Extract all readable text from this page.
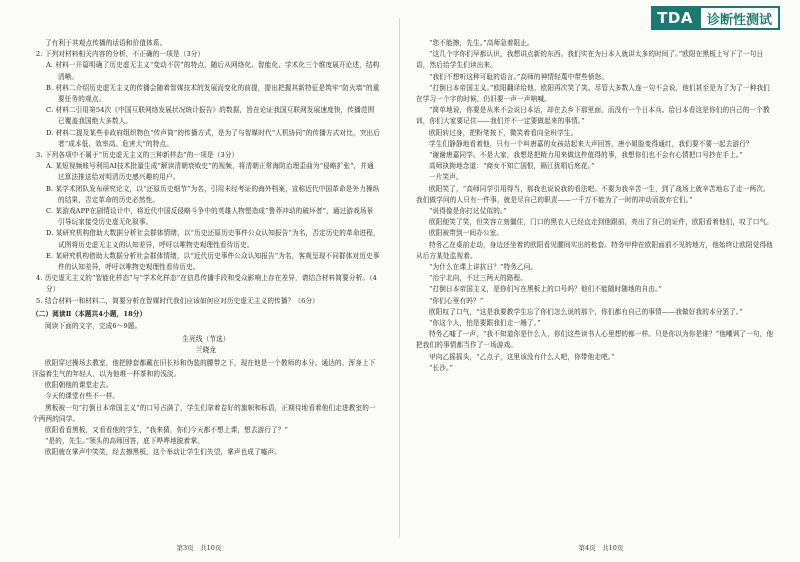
了有利于其观点传播的话语和价值体系。

2. 下列对材料相关内容的分析，不正确的一项是（3分）

A. 材料一开篇明确了历史虚无主义“变动不居”的特点，随后从网络化、智能化、学术化三个维度展开论述，结构清晰。

B. 材料二介绍历史虚无主义的传播会随着智媒技术的发展而变化的前提，提出把握其新特征是筑牢“防火墙”的重要任务的观点。

C. 材料二引用第54次《中国互联网络发展状况统计报告》的数据，旨在论证我国互联网发展速度快，传播范围已覆盖我国绝大多数人。

D. 材料二提及某些非政府组织物色“传声筒”的传播方式，是为了与智媒时代“人机协同”的传播方式对比，突出后者“成本低、效率高、危害大”的特点。

3. 下列各项中不属于“历史虚无主义的三种新样态”的一项是（3分）

A. 某短视频账号利用AI技术批量生成“解读清朝衰败史”的视频，将清朝正常海防治理歪曲为“侵略扩张”，并通过算法推送给对明清历史感兴趣的用户。

B. 某学术团队发布研究论文，以“还原历史细节”为名，引用未经考证的海外档案，宣称近代中国革命是外力操纵的结果，否定革命的历史必然性。

C. 某游戏APP在剧情设计中，将近代中国反侵略斗争中的英雄人物塑造成“鲁莽冲动的破坏者”，通过游戏场景引导玩家接受历史虚无化叙事。

D. 某研究机构借助大数据分析社会群体情绪，以“历史还原历史事件公众认知报告”为名，否定历史的革命进程，试图将历史虚无主义的认知差异，呼吁以唯物史观理性看待历史。

E. 某研究机构借助大数据分析社会群体情绪，以“近代历史事件公众认知报告”为名，客观呈现不同群体对历史事件的认知差异，呼吁以唯物史观理性看待历史。

4. 历史虚无主义的“智能化样态”与“学术化样态”在信息传播手段和受众影响上存在差异，请结合材料简要分析。（4分）

5. 结合材料一和材料二，简要分析在智媒时代我们应该如何应对历史虚无主义的传播？（6分）

（二）阅读Ⅱ（本题共4小题，18分）

阅读下面的文字，完成6～9题。

生死线（节选）

兰晓龙

欧阳穿过操场去教室，他把脖套都戴在旧长衫和伪装的腰带之下，现在他是一个教师的本分。通达的、浑身上下洋溢着生气的年轻人，以为他堆一杯茶和的浅淡。

欧阳朝他的课堂走去。

今天的课堂有些不一样。

黑板被一句“打倒日本帝国主义”的口号占满了，学生们拿着卷好的旗帜和标语，正期待地看着他们走进教室的一个两两的同学。

欧阳看看黑板，又看看他的学生，“我来猜，你们今天都不想上课，想去游行了？”

“是的，先生。”领头的高师回答，底下哗哗地脱着掌。

欧阳就在掌声中笑笑，经去擦黑板，这个举动让学生们失望，掌声也成了嘘声。

第3页　共10页
TDA	诊断性测试

“您不能擦，先生。”高师急着阻止。

“这几个字你们早都认识，我想讲点新的东西。我们实在为日本人就讲太多的时间了。”欧阳在黑板上写下了一句日语，然后给学生们读出来。

“我们不想听这种可耻的语言。”高师的神情轻蔑中带些愤怒。

“打倒日本帝国主义。”欧阳翻译给他，欧阳再次笑了笑。尽管大多数人连一句不会说，他们甚至是为了为了一种我们在学习一个字的时候，仍旧要一声一声呐喊。

“简单地说，你要是从来不会说日本话，却在去乡下那里面，而没有一个日本兵。给日本看这是你们的自己的一个教训，你们大家要记住——我们并不一定要做起来的事情。”

欧阳转过身，把粉笔按下，微笑着看向全班学生。

学生们静静地看着他，只有一个叫唐嘉的女孩站起来大声回答，唐小姐脸变得通红，我们要不要一起去游行？

“谢谢唐嘉同学。不是大家，我想是把精力用来做这件值得的事，我想你们也不会有心情把口号抄在手上。”

高师执拗地念道：“商女不知亡国恨，隔江犹唱后庭花。”

一片笑声。

欧阳笑了，“高师同学引用得当，那我也说说我的看法吧。不要为我辛苦一生，到了战场上就辛苦地忘了走一两次。我们做学问的人只有一件事，就是尽自己的职责——一千万不能为了一时的冲动而放弃它们。”

“说得像是你打过仗似的。”

欧阳便笑了笑，但笑容立刻僵住，门口的黑衣人已经直走到他跟前，亮出了自己的证件，欧阳看着他们，叹了口气。

欧阳被带到一间办公室。

特务乙在桌前走动，身边还坐着的欧阳看见腰间实出的枪套。特务甲伸在欧阳面前不见的地方，他始终让欧阳觉得他从后方某处监视着。

“为什么在课上讲抗日？”特务乙问。

“治宁北向，不过三两天的路程。

“打倒日本帝国主义，是你们写在黑板上的口号吗？他们不能随时随地的自由。”

“你们心里有吗？”

欧阳叹了口气，“这是我要教学生忘了你们怎么说的那个，你们都有自己的事情——我做好我的本分罢了。”

“你这个人，怕是要跟我们走一趟了。”

特务乙嘘了一声，“我不知道你是什么人，你们这些读书人心里想的都一样。只是你以为你是谁？”他嘲讽了一句，他把我们的事情都当作了一场游戏。

甲向乙摇摇头，“乙点子，这里该没有什么人吧，你带他走吧。”

“长沙。”

第4页　共10页
